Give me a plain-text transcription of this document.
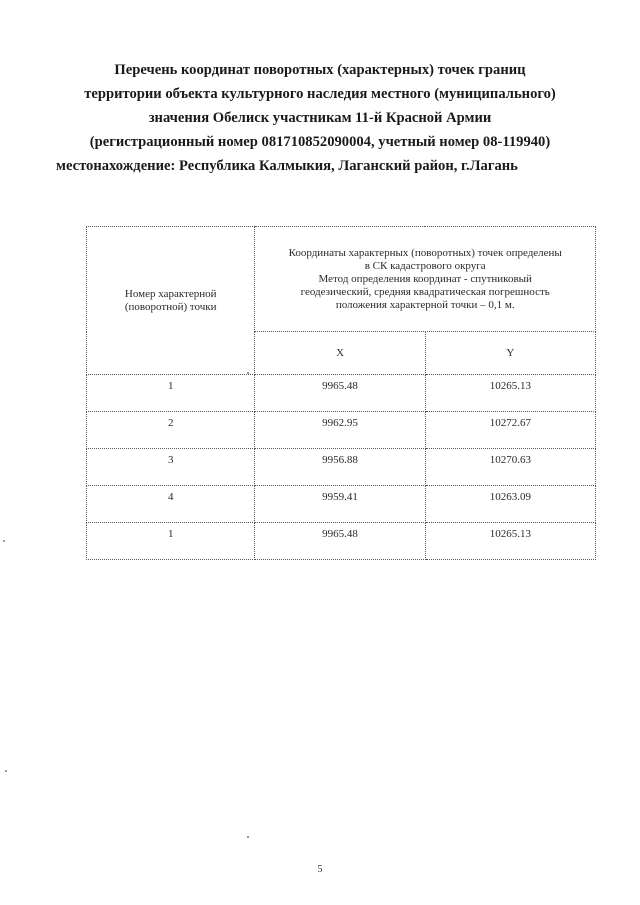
Перечень координат поворотных (характерных) точек границ
территории объекта культурного наследия местного (муниципального)
значения Обелиск участникам 11-й Красной Армии
(регистрационный номер 081710852090004, учетный номер 08-119940)
местонахождение: Республика Калмыкия, Лаганский район, г.Лагань
Номер характерной
(поворотной) точки	Координаты характерных (поворотных) точек определены
в СК кадастрового округа
Метод определения координат - спутниковый
геодезический, средняя квадратическая погрешность
положения характерной точки – 0,1 м.	

	X	Y
1	9965.48	10265.13
2	9962.95	10272.67
3	9956.88	10270.63
4	9959.41	10263.09
1	9965.48	10265.13
5
